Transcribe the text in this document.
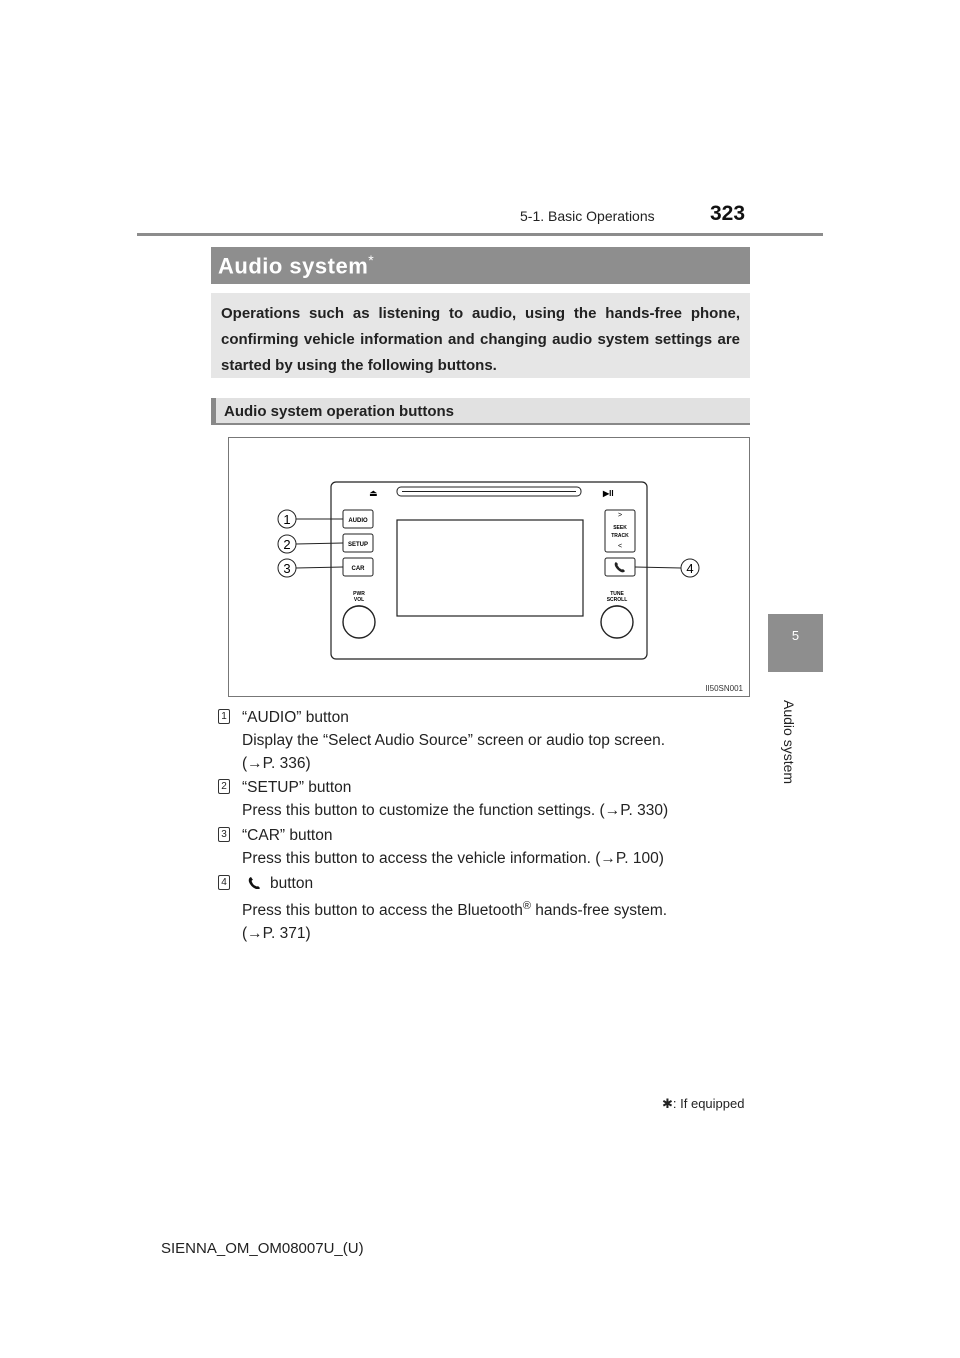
5-1. Basic Operations	323
5
Audio system
Audio system*
Operations such as listening to audio, using the hands-free phone, confirming vehicle information and changing audio system settings are started by using the following buttons.
Audio system operation buttons
⏏	▶II
AUDIO
SETUP
CAR
>
SEEK
TRACK
<
PWR
VOL
TUNE
SCROLL
1
2
3	4
II50SN001
1 “AUDIO” button
Display the “Select Audio Source” screen or audio top screen.
(→P. 336)
2 “SETUP” button
Press this button to customize the function settings. (→P. 330)
3 “CAR” button
Press this button to access the vehicle information. (→P. 100)
4	button
Press this button to access the Bluetooth® hands-free system.
(→P. 371)
✱: If equipped
SIENNA_OM_OM08007U_(U)
